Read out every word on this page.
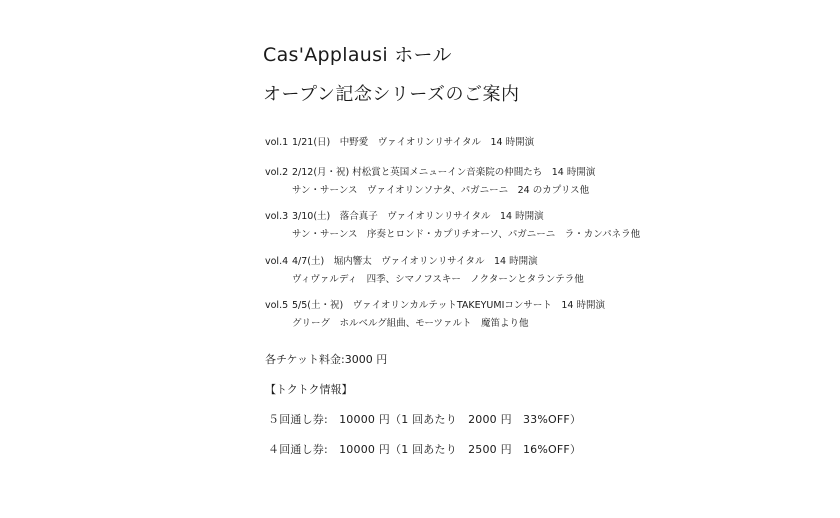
Cas'Applausi ホール
オープン記念シリーズのご案内
vol.1 1/21(日)　中野愛　ヴァイオリンリサイタル　14 時開演
vol.2 2/12(月・祝) 村松賞と英国メニューイン音楽院の仲間たち　14 時開演
サン・サーンス　ヴァイオリンソナタ、パガニーニ　24 のカプリス他
vol.3 3/10(土)　落合真子　ヴァイオリンリサイタル　14 時開演
サン・サーンス　序奏とロンド・カプリチオーソ、パガニーニ　ラ・カンパネラ他
vol.4 4/7(土)　堀内響太　ヴァイオリンリサイタル　14 時開演
ヴィヴァルディ　四季、シマノフスキー　ノクターンとタランテラ他
vol.5 5/5(土・祝)　ヴァイオリンカルテットTAKEYUMIコンサート　14 時開演
グリーグ　ホルベルグ組曲、モーツァルト　魔笛より他
各チケット料金:3000 円
【トクトク情報】
５回通し券:　10000 円（1 回あたり　2000 円　33%OFF）
４回通し券:　10000 円（1 回あたり　2500 円　16%OFF）
